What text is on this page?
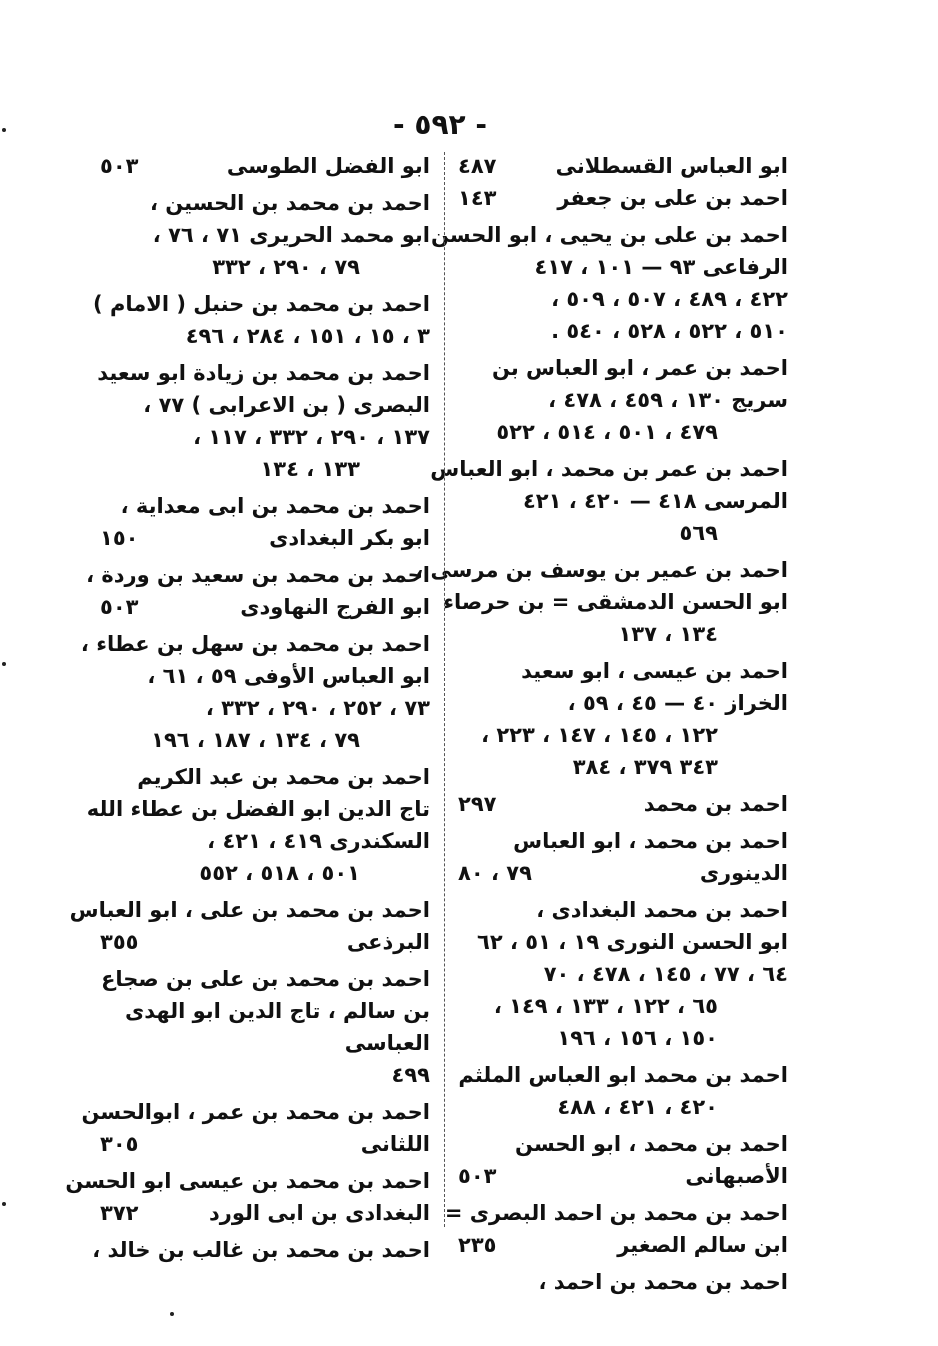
- ٥٩٢ -
ابو العباس القسطلانى
٤٨٧
احمد بن على بن جعفر
١٤٣
احمد بن على بن يحيى ، ابو الحسن
الرفاعى ٩٣ — ١٠١ ، ٤١٧
٤٢٢ ، ٤٨٩ ، ٥٠٧ ، ٥٠٩ ،
٥١٠ ، ٥٢٢ ، ٥٢٨ ، ٥٤٠ .
احمد بن عمر ، ابو العباس بن
سريج ١٣٠ ، ٤٥٩ ، ٤٧٨ ،
٤٧٩ ، ٥٠١ ، ٥١٤ ، ٥٢٢
احمد بن عمر بن محمد ، ابو العباس
المرسى ٤١٨ — ٤٢٠ ، ٤٢١
٥٦٩
احمد بن عمير بن يوسف بن مرسى ،
ابو الحسن الدمشقى = بن حرصاء
١٣٤ ، ١٣٧
احمد بن عيسى ، ابو سعيد
الخراز ٤٠ — ٤٥ ، ٥٩ ،
١٢٢ ، ١٤٥ ، ١٤٧ ، ٢٢٣ ،
٣٤٣ ٣٧٩ ، ٣٨٤
احمد بن محمد
٢٩٧
احمد بن محمد ، ابو العباس
الدينورى
٧٩ ، ٨٠
احمد بن محمد البغدادى ،
ابو الحسن النورى ١٩ ، ٥١ ، ٦٢
٦٤ ، ٧٧ ، ١٤٥ ، ٤٧٨ ، ٧٠
٦٥ ، ١٢٢ ، ١٣٣ ، ١٤٩ ،
١٥٠ ، ١٥٦ ، ١٩٦
احمد بن محمد ابو العباس الملثم
٤٢٠ ، ٤٢١ ، ٤٨٨
احمد بن محمد ، ابو الحسن
الأصبهانى
٥٠٣
احمد بن محمد بن احمد البصرى =
ابن سالم الصغير
٢٣٥
احمد بن محمد بن احمد ،
ابو الفضل الطوسى
٥٠٣
احمد بن محمد بن الحسين ،
ابو محمد الحريرى ٧١ ، ٧٦ ،
٧٩ ، ٢٩٠ ، ٣٣٢
احمد بن محمد بن حنبل ( الامام )
٣ ، ١٥ ، ١٥١ ، ٢٨٤ ، ٤٩٦
احمد بن محمد بن زيادة ابو سعيد
البصرى ( بن الاعرابى ) ٧٧ ،
١٣٧ ، ٢٩٠ ، ٣٣٢ ، ١١٧ ،
١٣٣ ، ١٣٤
احمد بن محمد بن ابى معداية ،
ابو بكر البغدادى
١٥٠
احمد بن محمد بن سعيد بن وردة ،
ابو الفرج النهاودى
٥٠٣
احمد بن محمد بن سهل بن عطاء ،
ابو العباس الأوفى ٥٩ ، ٦١ ،
٧٣ ، ٢٥٢ ، ٢٩٠ ، ٣٣٢ ،
٧٩ ، ١٣٤ ، ١٨٧ ، ١٩٦
احمد بن محمد بن عبد الكريم
تاج الدين ابو الفضل بن عطاء الله
السكندرى ٤١٩ ، ٤٢١ ،
٥٠١ ، ٥١٨ ، ٥٥٢
احمد بن محمد بن على ، ابو العباس
البرذعى
٣٥٥
احمد بن محمد بن على بن صجاع
بن سالم ، تاج الدين ابو الهدى
العباسى
٤٩٩
احمد بن محمد بن عمر ، ابوالحسن
اللثانى
٣٠٥
احمد بن محمد بن عيسى ابو الحسن
البغدادى بن ابى الورد
٣٧٢
احمد بن محمد بن غالب بن خالد ،
